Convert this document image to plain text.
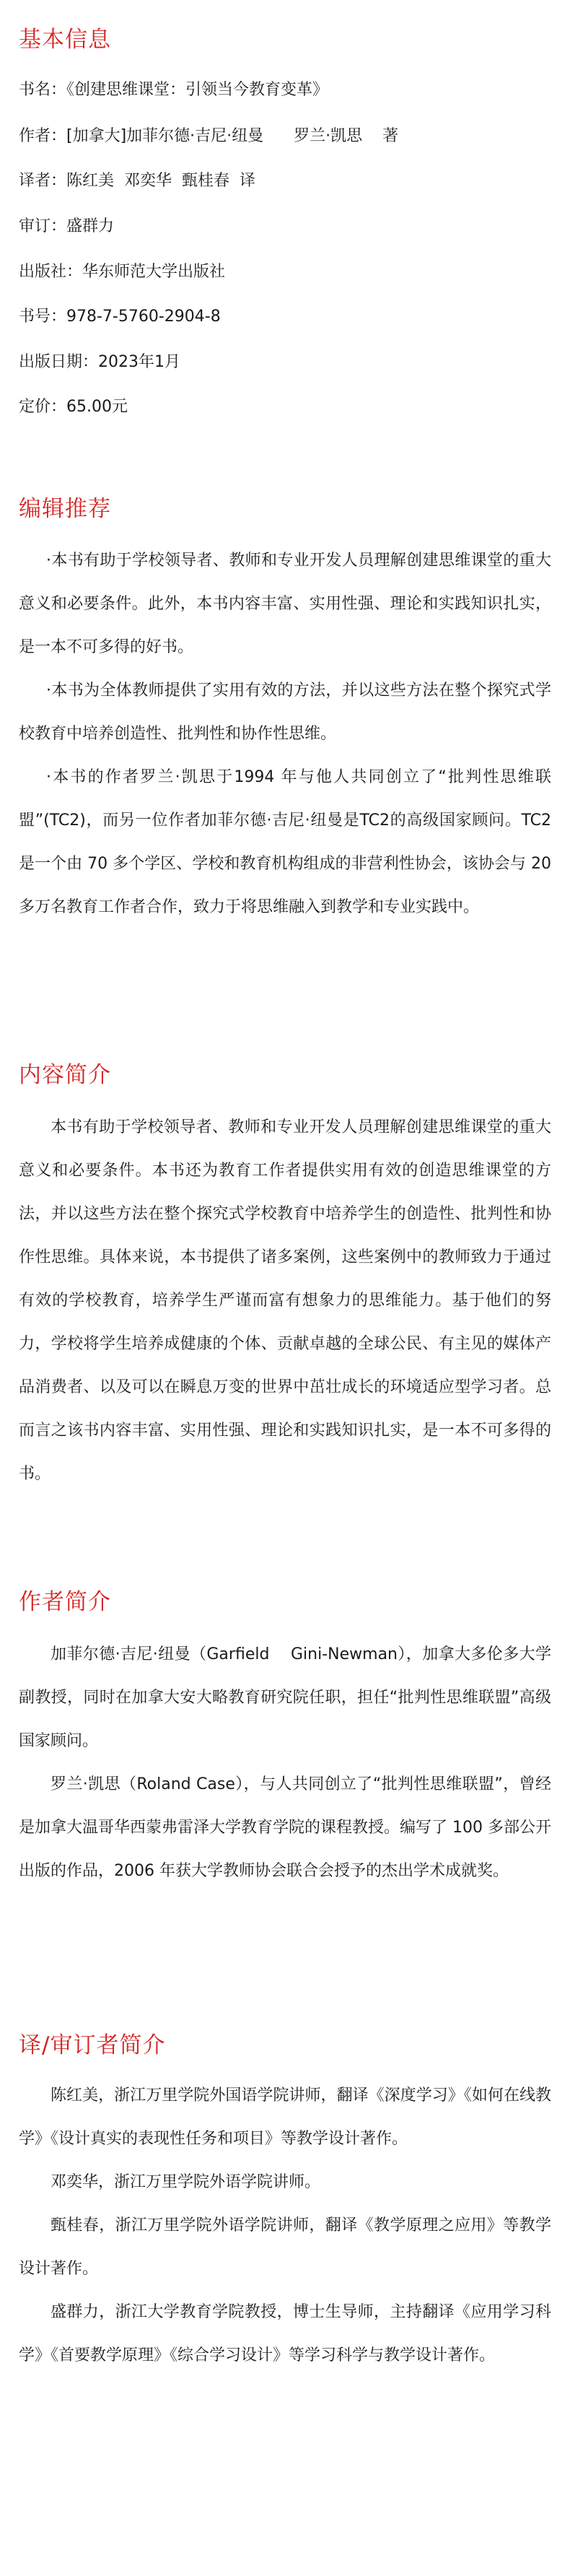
基本信息

书名：《创建思维课堂：引领当今教育变革》

作者：[加拿大]加菲尔德·吉尼·纽曼      罗兰·凯思    著

译者：陈红美  邓奕华  甄桂春  译

审订：盛群力

出版社：华东师范大学出版社

书号：978-7-5760-2904-8

出版日期：2023年1月

定价：65.00元

编辑推荐

·本书有助于学校领导者、教师和专业开发人员理解创建思维课堂的重大意义和必要条件。此外，本书内容丰富、实用性强、理论和实践知识扎实，是一本不可多得的好书。

·本书为全体教师提供了实用有效的方法，并以这些方法在整个探究式学校教育中培养创造性、批判性和协作性思维。

·本书的作者罗兰·凯思于1994 年与他人共同创立了“批判性思维联盟”(TC2)，而另一位作者加菲尔德·吉尼·纽曼是TC2的高级国家顾问。TC2 是一个由 70 多个学区、学校和教育机构组成的非营利性协会，该协会与 20 多万名教育工作者合作，致力于将思维融入到教学和专业实践中。

内容简介

本书有助于学校领导者、教师和专业开发人员理解创建思维课堂的重大意义和必要条件。本书还为教育工作者提供实用有效的创造思维课堂的方法，并以这些方法在整个探究式学校教育中培养学生的创造性、批判性和协作性思维。具体来说，本书提供了诸多案例，这些案例中的教师致力于通过有效的学校教育，培养学生严谨而富有想象力的思维能力。基于他们的努力，学校将学生培养成健康的个体、贡献卓越的全球公民、有主见的媒体产品消费者、以及可以在瞬息万变的世界中茁壮成长的环境适应型学习者。总而言之该书内容丰富、实用性强、理论和实践知识扎实，是一本不可多得的书。

作者简介

加菲尔德·吉尼·纽曼（Garfield    Gini-Newman），加拿大多伦多大学副教授，同时在加拿大安大略教育研究院任职，担任“批判性思维联盟”高级国家顾问。

罗兰·凯思（Roland Case），与人共同创立了“批判性思维联盟”，曾经是加拿大温哥华西蒙弗雷泽大学教育学院的课程教授。编写了 100 多部公开出版的作品，2006 年获大学教师协会联合会授予的杰出学术成就奖。

译/审订者简介

陈红美，浙江万里学院外国语学院讲师，翻译《深度学习》《如何在线教学》《设计真实的表现性任务和项目》等教学设计著作。

邓奕华，浙江万里学院外语学院讲师。

甄桂春，浙江万里学院外语学院讲师，翻译《教学原理之应用》等教学设计著作。

盛群力，浙江大学教育学院教授，博士生导师，主持翻译《应用学习科学》《首要教学原理》《综合学习设计》等学习科学与教学设计著作。
